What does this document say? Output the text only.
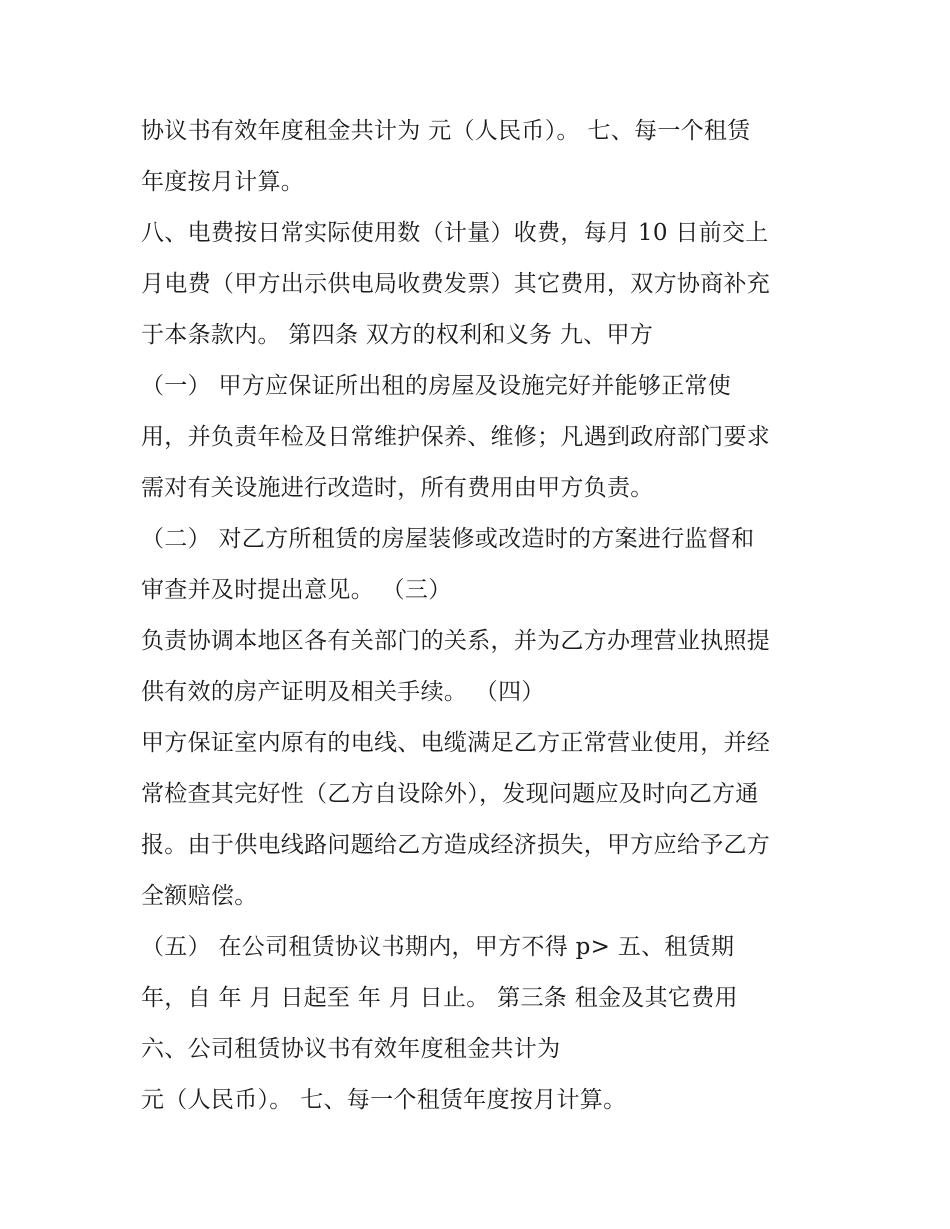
协议书有效年度租金共计为 元（人民币）。 七、每一个租赁

年度按月计算。

八、电费按日常实际使用数（计量）收费，每月 10 日前交上

月电费（甲方出示供电局收费发票）其它费用，双方协商补充

于本条款内。 第四条 双方的权利和义务 九、甲方

（一） 甲方应保证所出租的房屋及设施完好并能够正常使

用，并负责年检及日常维护保养、维修；凡遇到政府部门要求

需对有关设施进行改造时，所有费用由甲方负责。

（二） 对乙方所租赁的房屋装修或改造时的方案进行监督和

审查并及时提出意见。 （三）

负责协调本地区各有关部门的关系，并为乙方办理营业执照提

供有效的房产证明及相关手续。 （四）

甲方保证室内原有的电线、电缆满足乙方正常营业使用，并经

常检查其完好性（乙方自设除外），发现问题应及时向乙方通

报。由于供电线路问题给乙方造成经济损失，甲方应给予乙方

全额赔偿。

（五） 在公司租赁协议书期内，甲方不得 p> 五、租赁期

年，自 年 月 日起至 年 月 日止。 第三条 租金及其它费用

六、公司租赁协议书有效年度租金共计为

元（人民币）。 七、每一个租赁年度按月计算。
